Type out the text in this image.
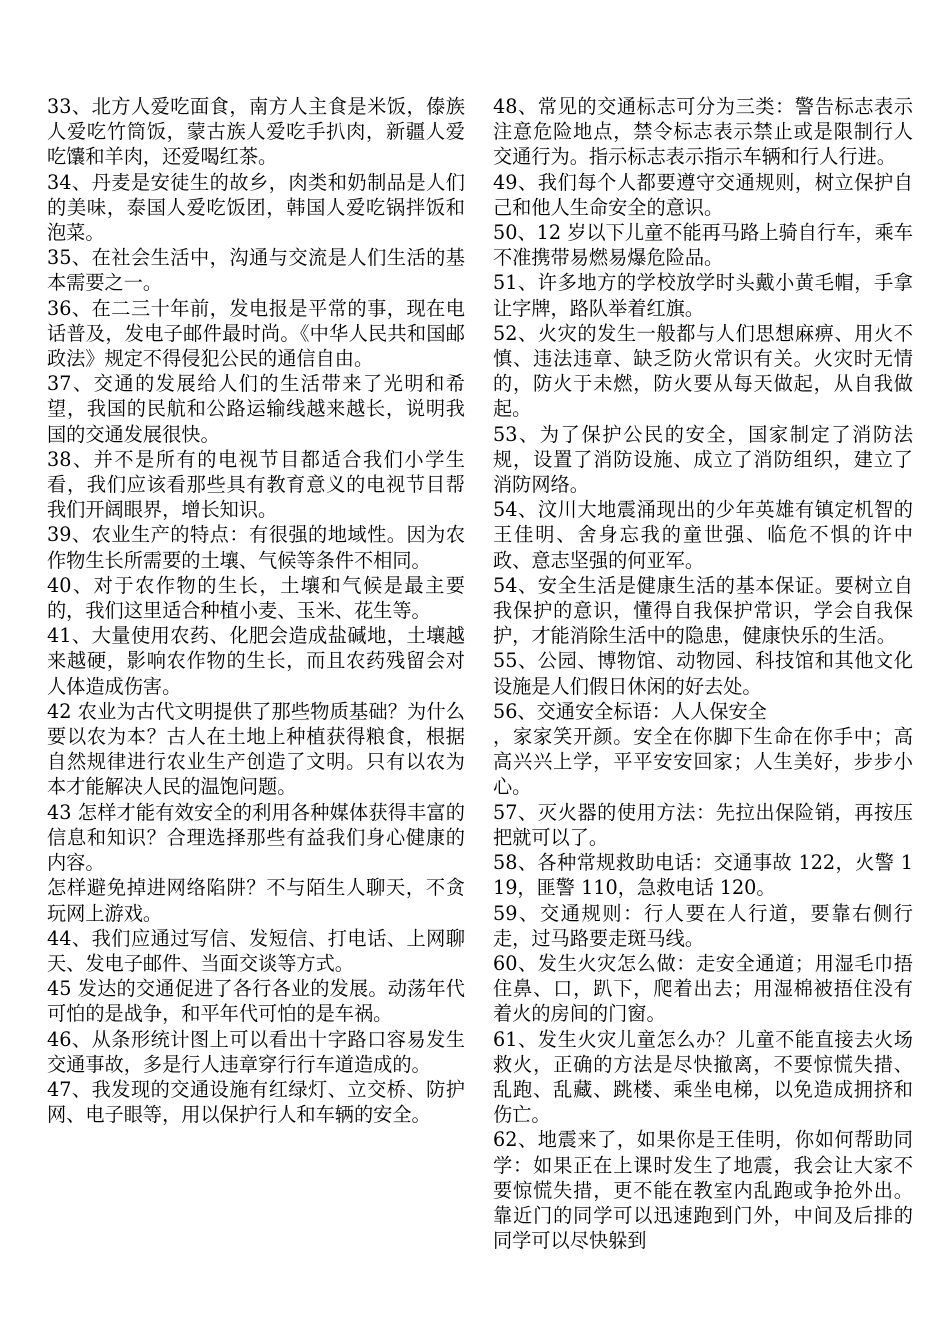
33、北方人爱吃面食，南方人主食是米饭，傣族人爱吃竹筒饭，蒙古族人爱吃手扒肉，新疆人爱吃馕和羊肉，还爱喝红茶。

34、丹麦是安徒生的故乡，肉类和奶制品是人们的美味，泰国人爱吃饭团，韩国人爱吃锅拌饭和泡菜。

35、在社会生活中，沟通与交流是人们生活的基本需要之一。

36、在二三十年前，发电报是平常的事，现在电话普及，发电子邮件最时尚。《中华人民共和国邮政法》规定不得侵犯公民的通信自由。

37、交通的发展给人们的生活带来了光明和希望，我国的民航和公路运输线越来越长，说明我国的交通发展很快。

38、并不是所有的电视节目都适合我们小学生看，我们应该看那些具有教育意义的电视节目帮我们开阔眼界，增长知识。

39、农业生产的特点：有很强的地域性。因为农作物生长所需要的土壤、气候等条件不相同。

40、对于农作物的生长，土壤和气候是最主要的，我们这里适合种植小麦、玉米、花生等。

41、大量使用农药、化肥会造成盐碱地，土壤越来越硬，影响农作物的生长，而且农药残留会对人体造成伤害。

42 农业为古代文明提供了那些物质基础？为什么要以农为本？古人在土地上种植获得粮食，根据自然规律进行农业生产创造了文明。只有以农为本才能解决人民的温饱问题。

43 怎样才能有效安全的利用各种媒体获得丰富的信息和知识？合理选择那些有益我们身心健康的内容。

怎样避免掉进网络陷阱？不与陌生人聊天，不贪玩网上游戏。

44、我们应通过写信、发短信、打电话、上网聊天、发电子邮件、当面交谈等方式。

45 发达的交通促进了各行各业的发展。动荡年代可怕的是战争，和平年代可怕的是车祸。

46、从条形统计图上可以看出十字路口容易发生交通事故，多是行人违章穿行行车道造成的。

47、我发现的交通设施有红绿灯、立交桥、防护网、电子眼等，用以保护行人和车辆的安全。

48、常见的交通标志可分为三类：警告标志表示注意危险地点，禁令标志表示禁止或是限制行人交通行为。指示标志表示指示车辆和行人行进。

49、我们每个人都要遵守交通规则，树立保护自己和他人生命安全的意识。

50、12 岁以下儿童不能再马路上骑自行车，乘车不准携带易燃易爆危险品。

51、许多地方的学校放学时头戴小黄毛帽，手拿让字牌，路队举着红旗。

52、火灾的发生一般都与人们思想麻痹、用火不慎、违法违章、缺乏防火常识有关。火灾时无情的，防火于未燃，防火要从每天做起，从自我做起。

53、为了保护公民的安全，国家制定了消防法规，设置了消防设施、成立了消防组织，建立了消防网络。

54、汶川大地震涌现出的少年英雄有镇定机智的王佳明、舍身忘我的童世强、临危不惧的许中政、意志坚强的何亚军。

54、安全生活是健康生活的基本保证。要树立自我保护的意识，懂得自我保护常识，学会自我保护，才能消除生活中的隐患，健康快乐的生活。

55、公园、博物馆、动物园、科技馆和其他文化设施是人们假日休闲的好去处。

56、交通安全标语：人人保安全

，家家笑开颜。安全在你脚下生命在你手中；高高兴兴上学，平平安安回家；人生美好，步步小心。

57、灭火器的使用方法：先拉出保险销，再按压把就可以了。

58、各种常规救助电话：交通事故 122，火警 119，匪警 110，急救电话 120。

59、交通规则：行人要在人行道，要靠右侧行走，过马路要走斑马线。

60、发生火灾怎么做：走安全通道；用湿毛巾捂住鼻、口，趴下，爬着出去；用湿棉被捂住没有着火的房间的门窗。

61、发生火灾儿童怎么办？儿童不能直接去火场救火，正确的方法是尽快撤离，不要惊慌失措、乱跑、乱藏、跳楼、乘坐电梯，以免造成拥挤和伤亡。

62、地震来了，如果你是王佳明，你如何帮助同学：如果正在上课时发生了地震，我会让大家不要惊慌失措，更不能在教室内乱跑或争抢外出。靠近门的同学可以迅速跑到门外，中间及后排的同学可以尽快躲到
